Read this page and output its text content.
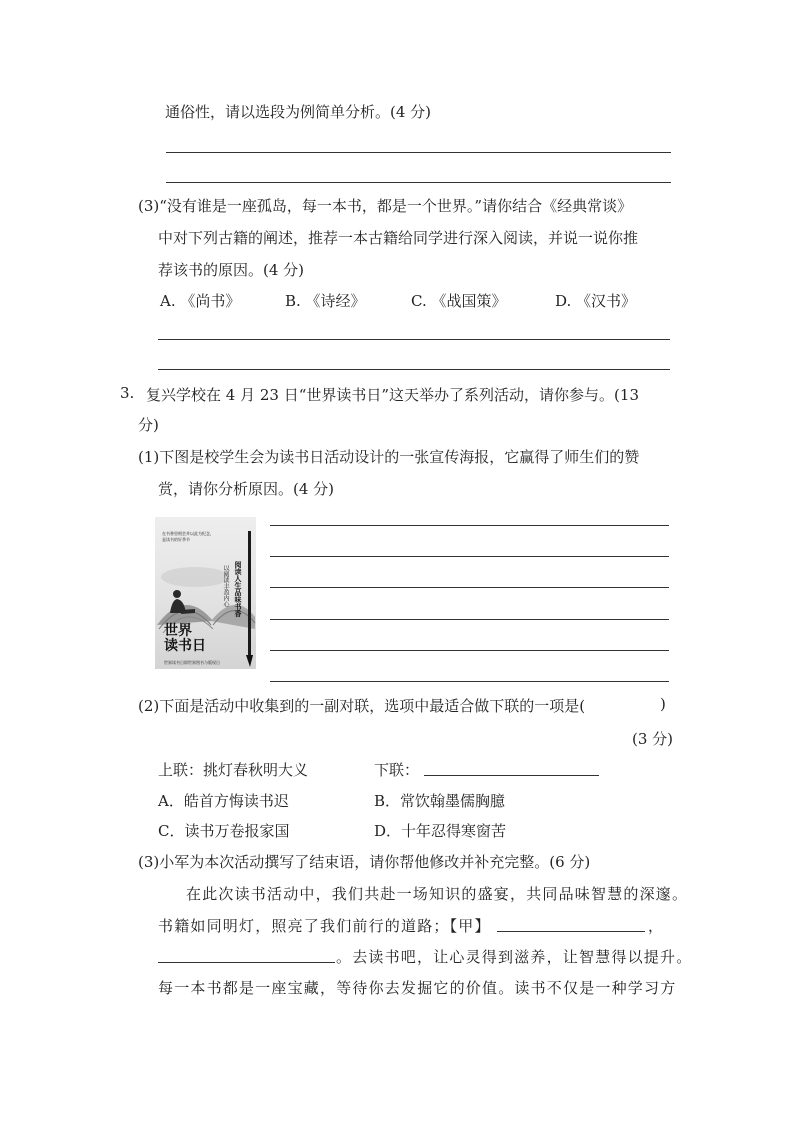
通俗性，请以选段为例简单分析。(4 分)
(3)“没有谁是一座孤岛，每一本书，都是一个世界。”请你结合《经典常谈》
中对下列古籍的阐述，推荐一本古籍给同学进行深入阅读，并说一说你推
荐该书的原因。(4 分)
A. 《尚书》	B. 《诗经》	C. 《战国策》	D. 《汉书》
3. 复兴学校在 4 月 23 日“世界读书日”这天举办了系列活动，请你参与。(13
分)
(1)下图是校学生会为读书日活动设计的一张宣传海报，它赢得了师生们的赞
赏，请你分析原因。(4 分)
在书香里相会并以此为纪念，
是读书的好季节
阅读人生品味书香
以阅读丰盈内心
世界
读书日
世界读书日即世界图书与版权日
(2)下面是活动中收集到的一副对联，选项中最适合做下联的一项是(	)
(3 分)
上联：挑灯春秋明大义	下联：
A．皓首方悔读书迟	B．常饮翰墨儒胸臆
C．读书万卷报家国	D．十年忍得寒窗苦
(3)小军为本次活动撰写了结束语，请你帮他修改并补充完整。(6 分)
在此次读书活动中，我们共赴一场知识的盛宴，共同品味智慧的深邃。
书籍如同明灯，照亮了我们前行的道路；【甲】	，
。去读书吧，让心灵得到滋养，让智慧得以提升。
每一本书都是一座宝藏，等待你去发掘它的价值。读书不仅是一种学习方
